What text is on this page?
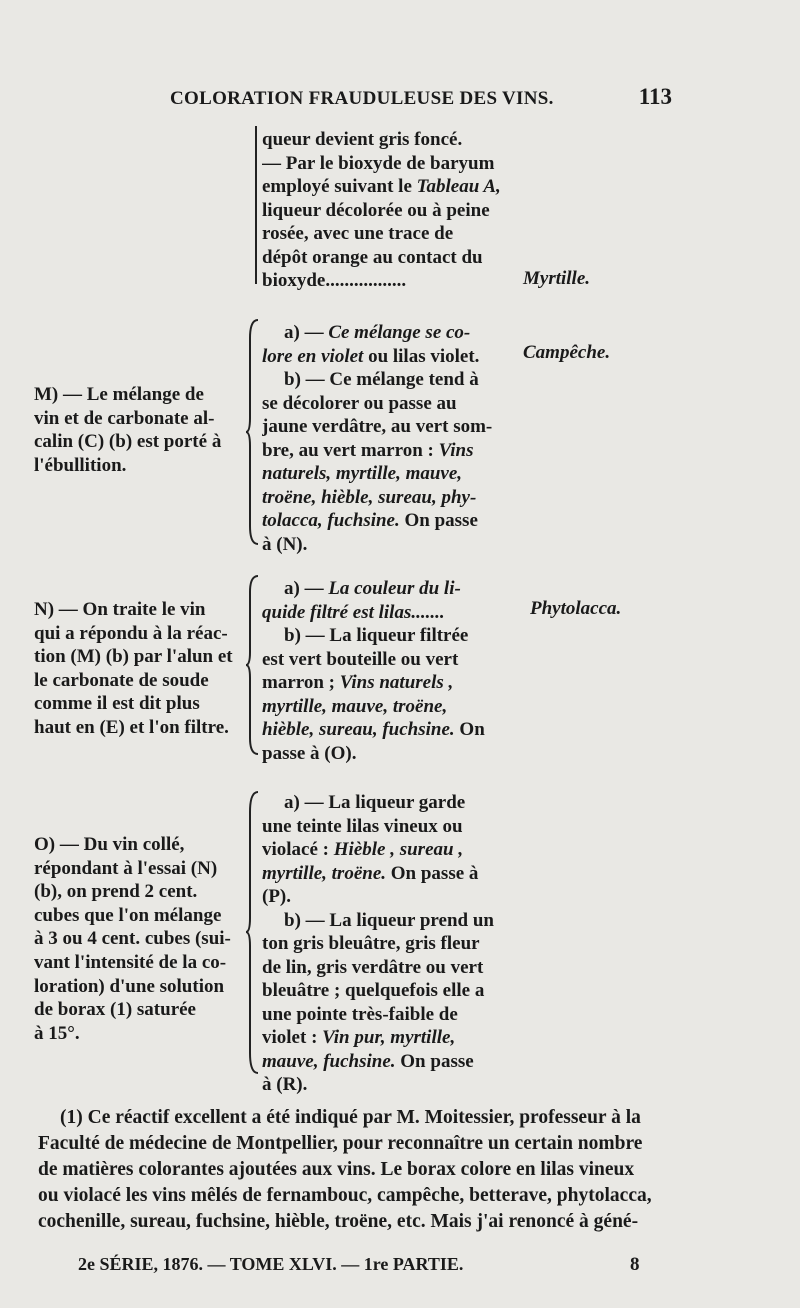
COLORATION FRAUDULEUSE DES VINS.	113
queur devient gris foncé.
— Par le bioxyde de baryum
employé suivant le Tableau A,
liqueur décolorée ou à peine
rosée, avec une trace de
dépôt orange au contact du
bioxyde.................	Myrtille.
M) — Le mélange de
vin et de carbonate al-
calin (C) (b) est porté à
l'ébullition.
a) — Ce mélange se co-
lore en violet ou lilas violet.
b) — Ce mélange tend à
se décolorer ou passe au
jaune verdâtre, au vert som-
bre, au vert marron : Vins
naturels, myrtille, mauve,
troëne, hièble, sureau, phy-
tolacca, fuchsine. On passe
à (N).
Campêche.
N) — On traite le vin
qui a répondu à la réac-
tion (M) (b) par l'alun et
le carbonate de soude
comme il est dit plus
haut en (E) et l'on filtre.
a) — La couleur du li-
quide filtré est lilas.......
b) — La liqueur filtrée
est vert bouteille ou vert
marron ; Vins naturels ,
myrtille, mauve, troëne,
hièble, sureau, fuchsine. On
passe à (O).
Phytolacca.
O) — Du vin collé,
répondant à l'essai (N)
(b), on prend 2 cent.
cubes que l'on mélange
à 3 ou 4 cent. cubes (sui-
vant l'intensité de la co-
loration) d'une solution
de borax (1) saturée
à 15°.
a) — La liqueur garde
une teinte lilas vineux ou
violacé : Hièble , sureau ,
myrtille, troëne. On passe à
(P).
b) — La liqueur prend un
ton gris bleuâtre, gris fleur
de lin, gris verdâtre ou vert
bleuâtre ; quelquefois elle a
une pointe très-faible de
violet : Vin pur, myrtille,
mauve, fuchsine. On passe
à (R).
(1) Ce réactif excellent a été indiqué par M. Moitessier, professeur à la
Faculté de médecine de Montpellier, pour reconnaître un certain nombre
de matières colorantes ajoutées aux vins. Le borax colore en lilas vineux
ou violacé les vins mêlés de fernambouc, campêche, betterave, phytolacca,
cochenille, sureau, fuchsine, hièble, troëne, etc. Mais j'ai renoncé à géné-
2e SÉRIE, 1876. — TOME XLVI. — 1re PARTIE.	8
